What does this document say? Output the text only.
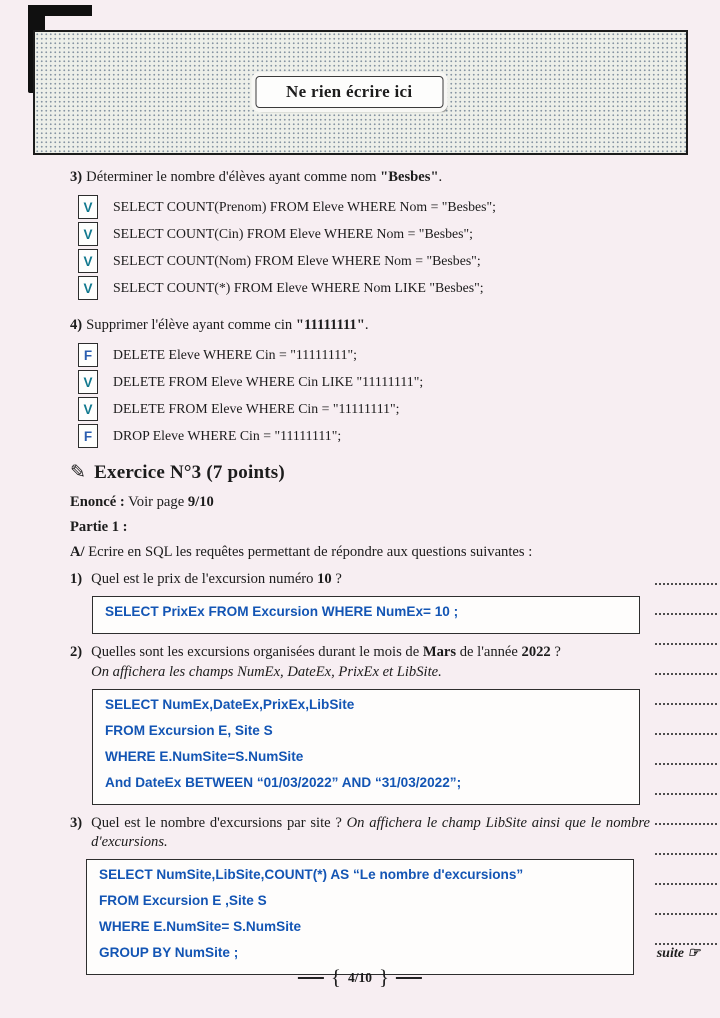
Ne rien écrire ici

3) Déterminer le nombre d'élèves ayant comme nom "Besbes".

V SELECT COUNT(Prenom) FROM Eleve WHERE Nom = "Besbes";
V SELECT COUNT(Cin) FROM Eleve WHERE Nom = "Besbes";
V SELECT COUNT(Nom) FROM Eleve WHERE Nom = "Besbes";
V SELECT COUNT(*) FROM Eleve WHERE Nom LIKE "Besbes";

4) Supprimer l'élève ayant comme cin "11111111".

F DELETE Eleve WHERE Cin = "11111111";
V DELETE FROM Eleve WHERE Cin LIKE "11111111";
V DELETE FROM Eleve WHERE Cin = "11111111";
F DROP Eleve WHERE Cin = "11111111";
✎ Exercice N°3 (7 points)

Enoncé : Voir page 9/10

Partie 1 :

A/ Ecrire en SQL les requêtes permettant de répondre aux questions suivantes :

1) Quel est le prix de l'excursion numéro 10 ?
SELECT PrixEx FROM Excursion WHERE NumEx= 10 ;
2) Quelles sont les excursions organisées durant le mois de Mars de l'année 2022 ?
On affichera les champs NumEx, DateEx, PrixEx et LibSite.
SELECT NumEx,DateEx,PrixEx,LibSite
FROM Excursion E, Site S
WHERE E.NumSite=S.NumSite
And DateEx BETWEEN “01/03/2022” AND “31/03/2022”;
3) Quel est le nombre d'excursions par site ? On affichera le champ LibSite ainsi que le nombre d'excursions.
SELECT NumSite,LibSite,COUNT(*) AS “Le nombre d'excursions”
FROM Excursion E ,Site S
WHERE E.NumSite= S.NumSite
GROUP BY NumSite ;	suite ☞
{ 4/10 }
